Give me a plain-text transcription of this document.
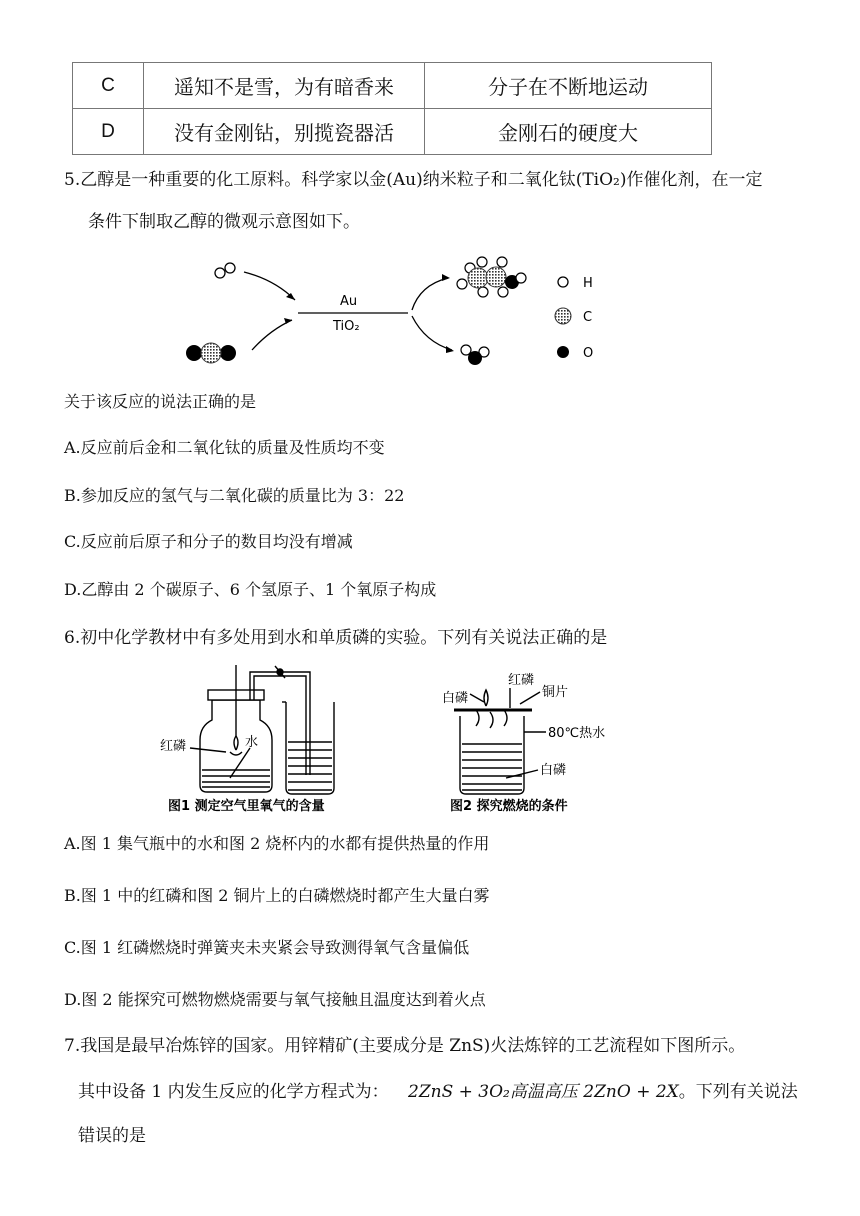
C	遥知不是雪，为有暗香来	分子在不断地运动
D	没有金刚钻，别揽瓷器活	金刚石的硬度大
5.乙醇是一种重要的化工原料。科学家以金(Au)纳米粒子和二氧化钛(TiO₂)作催化剂，在一定
条件下制取乙醇的微观示意图如下。
Au
TiO₂
H
C
O
关于该反应的说法正确的是
A.反应前后金和二氧化钛的质量及性质均不变
B.参加反应的氢气与二氧化碳的质量比为 3：22
C.反应前后原子和分子的数目均没有增减
D.乙醇由 2 个碳原子、6 个氢原子、1 个氧原子构成
6.初中化学教材中有多处用到水和单质磷的实验。下列有关说法正确的是
红磷	水
图1 测定空气里氧气的含量
白磷
红磷
铜片
80℃热水
白磷
图2 探究燃烧的条件
A.图 1 集气瓶中的水和图 2 烧杯内的水都有提供热量的作用
B.图 1 中的红磷和图 2 铜片上的白磷燃烧时都产生大量白雾
C.图 1 红磷燃烧时弹簧夹未夹紧会导致测得氧气含量偏低
D.图 2 能探究可燃物燃烧需要与氧气接触且温度达到着火点
7.我国是最早冶炼锌的国家。用锌精矿(主要成分是 ZnS)火法炼锌的工艺流程如下图所示。
其中设备 1 内发生反应的化学方程式为： 2ZnS + 3O₂高温高压 2ZnO + 2X。下列有关说法
错误的是
